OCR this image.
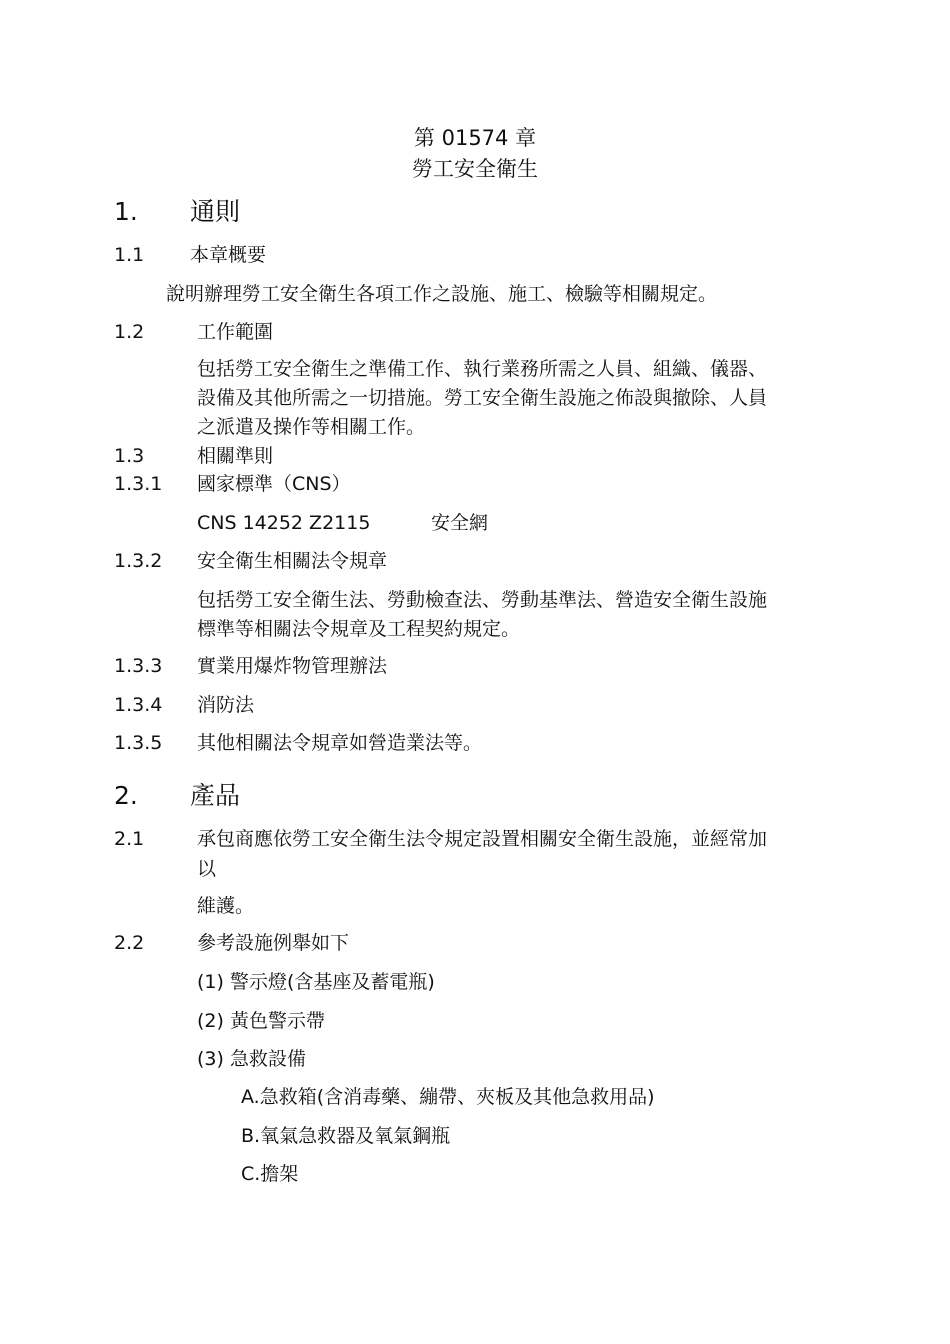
第 01574 章
勞工安全衛生
1. 通則
1.1 本章概要
說明辦理勞工安全衛生各項工作之設施、施工、檢驗等相關規定。
1.2	工作範圍
包括勞工安全衛生之準備工作、執行業務所需之人員、組織、儀器、
設備及其他所需之一切措施。勞工安全衛生設施之佈設與撤除、人員
之派遣及操作等相關工作。
1.3	相關準則
1.3.1 國家標準（CNS）
CNS 14252 Z2115	安全網
1.3.2 安全衛生相關法令規章
包括勞工安全衛生法、勞動檢查法、勞動基準法、營造安全衛生設施
標準等相關法令規章及工程契約規定。
1.3.3 實業用爆炸物管理辦法
1.3.4 消防法
1.3.5 其他相關法令規章如營造業法等。
2. 產品
2.1	承包商應依勞工安全衛生法令規定設置相關安全衛生設施，並經常加
以
維護。
2.2	參考設施例舉如下
(1) 警示燈(含基座及蓄電瓶)
(2) 黃色警示帶
(3) 急救設備
A.急救箱(含消毒藥、繃帶、夾板及其他急救用品)
B.氧氣急救器及氧氣鋼瓶
C.擔架
